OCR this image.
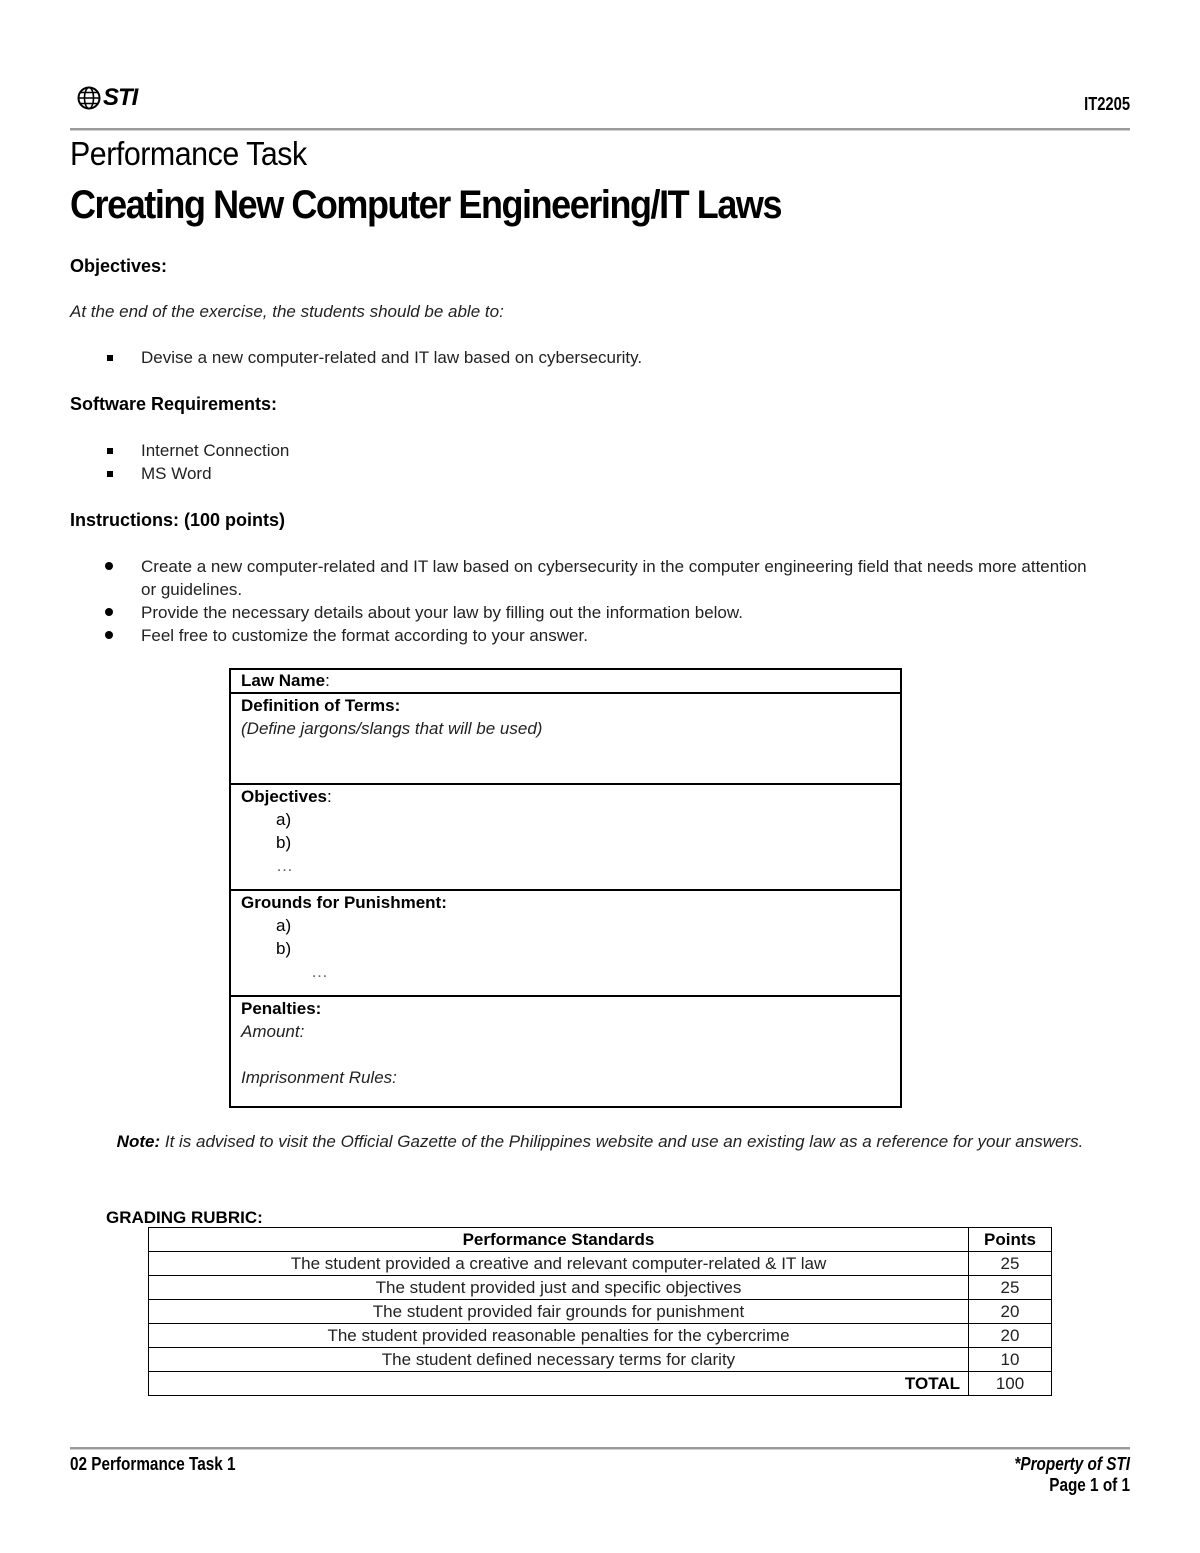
STI	IT2205
Performance Task
Creating New Computer Engineering/IT Laws
Objectives:
At the end of the exercise, the students should be able to:
Devise a new computer-related and IT law based on cybersecurity.
Software Requirements:
Internet Connection
MS Word
Instructions: (100 points)
Create a new computer-related and IT law based on cybersecurity in the computer engineering field that needs more attention or guidelines.
Provide the necessary details about your law by filling out the information below.
Feel free to customize the format according to your answer.
Law Name:
Definition of Terms:
(Define jargons/slangs that will be used)
Objectives:
a)
b)
…
Grounds for Punishment:
a)
b)
…
Penalties:
Amount:
Imprisonment Rules:
Note: It is advised to visit the Official Gazette of the Philippines website and use an existing law as a reference for your answers.
GRADING RUBRIC:
Performance Standards	Points
The student provided a creative and relevant computer-related & IT law	25
The student provided just and specific objectives	25
The student provided fair grounds for punishment	20
The student provided reasonable penalties for the cybercrime	20
The student defined necessary terms for clarity	10
TOTAL	100
02 Performance Task 1	*Property of STI
Page 1 of 1
